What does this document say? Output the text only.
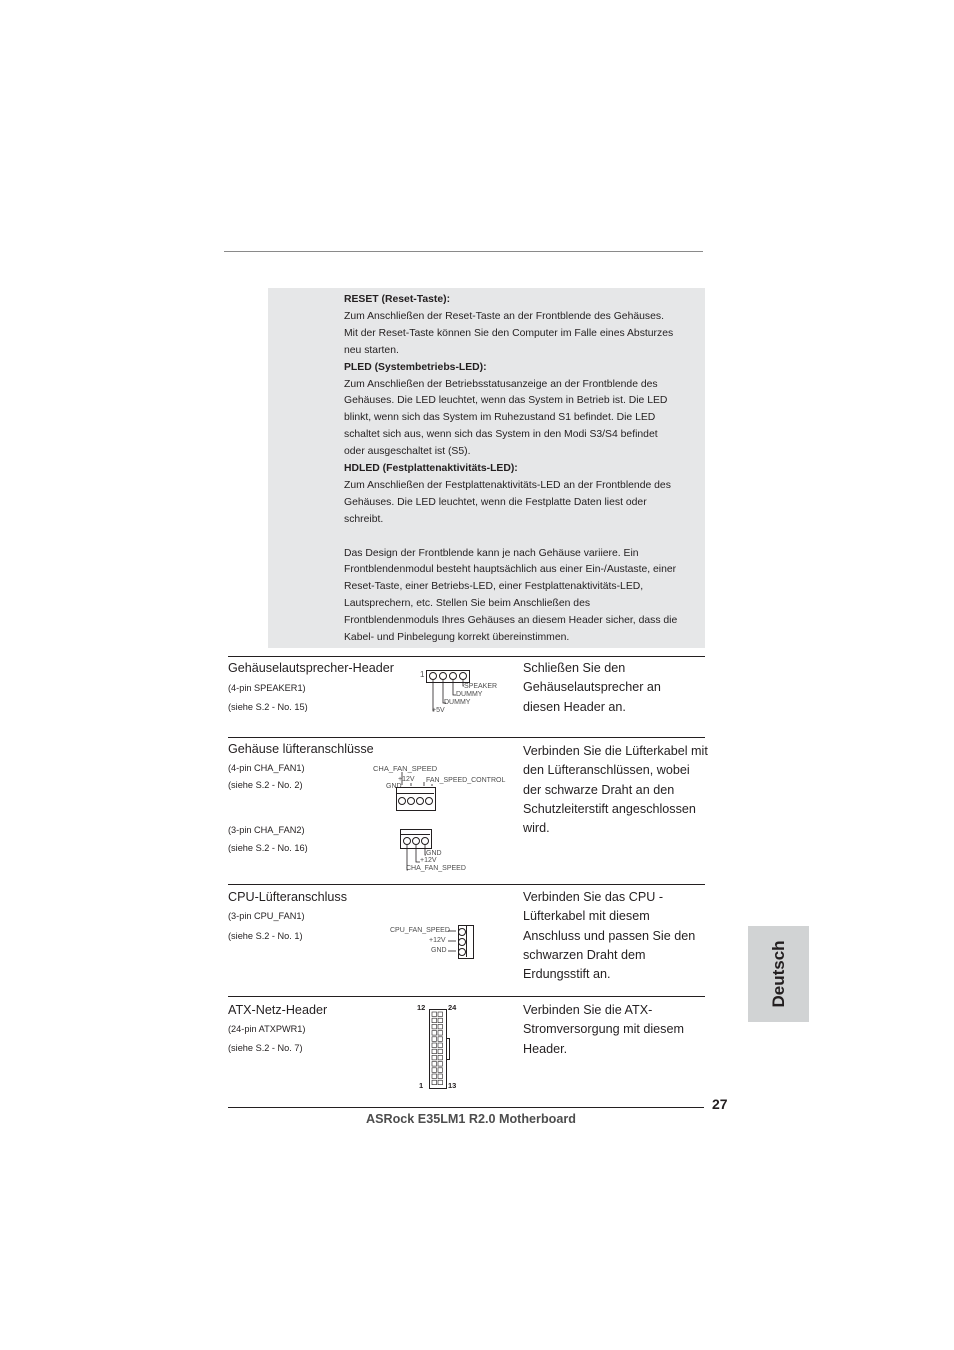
RESET (Reset-Taste):

Zum Anschließen der Reset-Taste an der Frontblende des Gehäuses.

Mit der Reset-Taste können Sie den Computer im Falle eines Absturzes

neu starten.

PLED (Systembetriebs-LED):

Zum Anschließen der Betriebsstatusanzeige an der Frontblende des

Gehäuses. Die LED leuchtet, wenn das System in Betrieb ist. Die LED

blinkt, wenn sich das System im Ruhezustand S1 befindet. Die LED

schaltet sich aus, wenn sich das System in den Modi S3/S4 befindet

oder ausgeschaltet ist (S5).

HDLED (Festplattenaktivitäts-LED):

Zum Anschließen der Festplattenaktivitäts-LED an der Frontblende des

Gehäuses. Die LED leuchtet, wenn die Festplatte Daten liest oder

schreibt.

Das Design der Frontblende kann je nach Gehäuse variiere. Ein

Frontblendenmodul besteht hauptsächlich aus einer Ein-/Austaste, einer

Reset-Taste, einer Betriebs-LED, einer Festplattenaktivitäts-LED,

Lautsprechern, etc. Stellen Sie beim Anschließen des

Frontblendenmoduls Ihres Gehäuses an diesem Header sicher, dass die

Kabel- und Pinbelegung korrekt übereinstimmen.

Gehäuselautsprecher-Header
(4-pin SPEAKER1)
(siehe S.2 - No. 15)
Schließen Sie den
Gehäuselautsprecher an
diesen Header an.
1
SPEAKER
DUMMY
DUMMY
+5V
Gehäuse lüfteranschlüsse
(4-pin CHA_FAN1)
(siehe S.2 - No. 2)
(3-pin CHA_FAN2)
(siehe S.2 - No. 16)
Verbinden Sie die Lüfterkabel mit
den Lüfteranschlüssen, wobei
der schwarze Draht an den
Schutzleiterstift angeschlossen
wird.
CHA_FAN_SPEED
+12V
GND
FAN_SPEED_CONTROL
GND
+12V
CHA_FAN_SPEED
CPU-Lüfteranschluss
(3-pin CPU_FAN1)
(siehe S.2 - No. 1)
Verbinden Sie das CPU -
Lüfterkabel mit diesem
Anschluss und passen Sie den
schwarzen Draht dem
Erdungsstift an.
CPU_FAN_SPEED
+12V
GND
ATX-Netz-Header
(24-pin ATXPWR1)
(siehe S.2 - No. 7)
Verbinden Sie die ATX-
Stromversorgung mit diesem
Header.
12	24
1	13
Deutsch
27
ASRock E35LM1 R2.0 Motherboard
